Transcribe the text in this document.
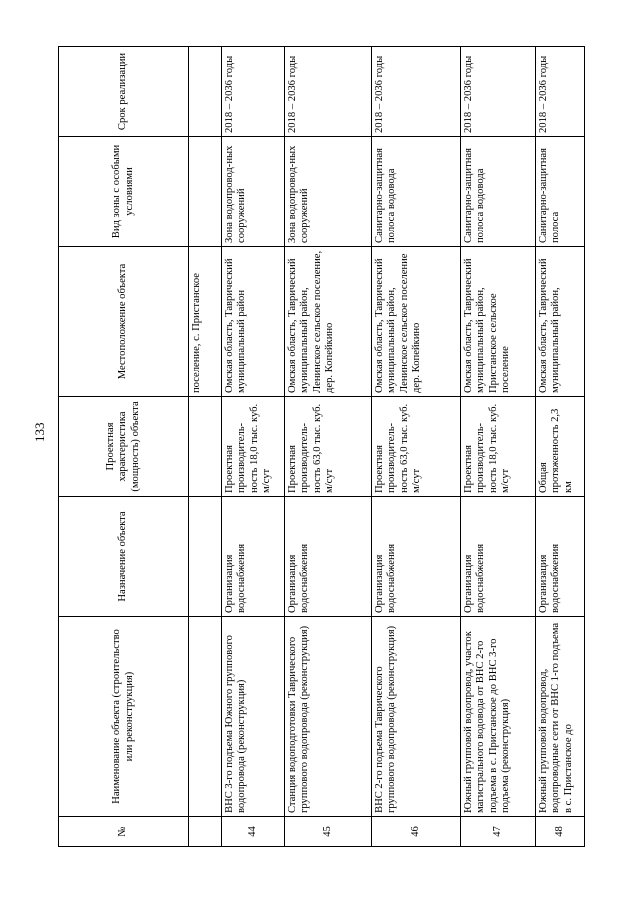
133
№	Наименование объекта (строительство или реконструкция)	Назначение объекта	Проектная характеристика (мощность) объекта	Местоположение объекта	Вид зоны с особыми условиями	Срок реализации
				поселение, с. Пристанское		
44	ВНС 3-го подъема Южного группового водопровода (реконструкция)	Организация водоснабжения	Проектная производитель-ность 18,0 тыс. куб. м/сут	Омская область, Таврический муниципальный район	Зона водопровод-ных сооружений	2018 – 2036 годы
45	Станция водоподготовки Таврического группового водопровода (реконструкция)	Организация водоснабжения	Проектная производитель-ность 63,0 тыс. куб. м/сут	Омская область, Таврический муниципальный район, Ленинское сельское поселение, дер. Копейкино	Зона водопровод-ных сооружений	2018 – 2036 годы
46	ВНС 2-го подъема Таврического группового водопровода (реконструкция)	Организация водоснабжения	Проектная производитель-ность 63,0 тыс. куб. м/сут	Омская область, Таврический муниципальный район, Ленинское сельское поселение дер. Копейкино	Санитарно-защитная полоса водовода	2018 – 2036 годы
47	Южный групповой водопровод, участок магистрального водовода от ВНС 2-го подъема в с. Пристанское до ВНС 3-го подъема (реконструкция)	Организация водоснабжения	Проектная производитель-ность 18,0 тыс. куб. м/сут	Омская область, Таврический муниципальный район, Пристанское сельское поселение	Санитарно-защитная полоса водовода	2018 – 2036 годы
48	Южный групповой водопровод, водопроводные сети от ВНС 1-го подъема в с. Пристанское до	Организация водоснабжения	Общая протяженность 2,3 км	Омская область, Таврический муниципальный район,	Санитарно-защитная полоса	2018 – 2036 годы
